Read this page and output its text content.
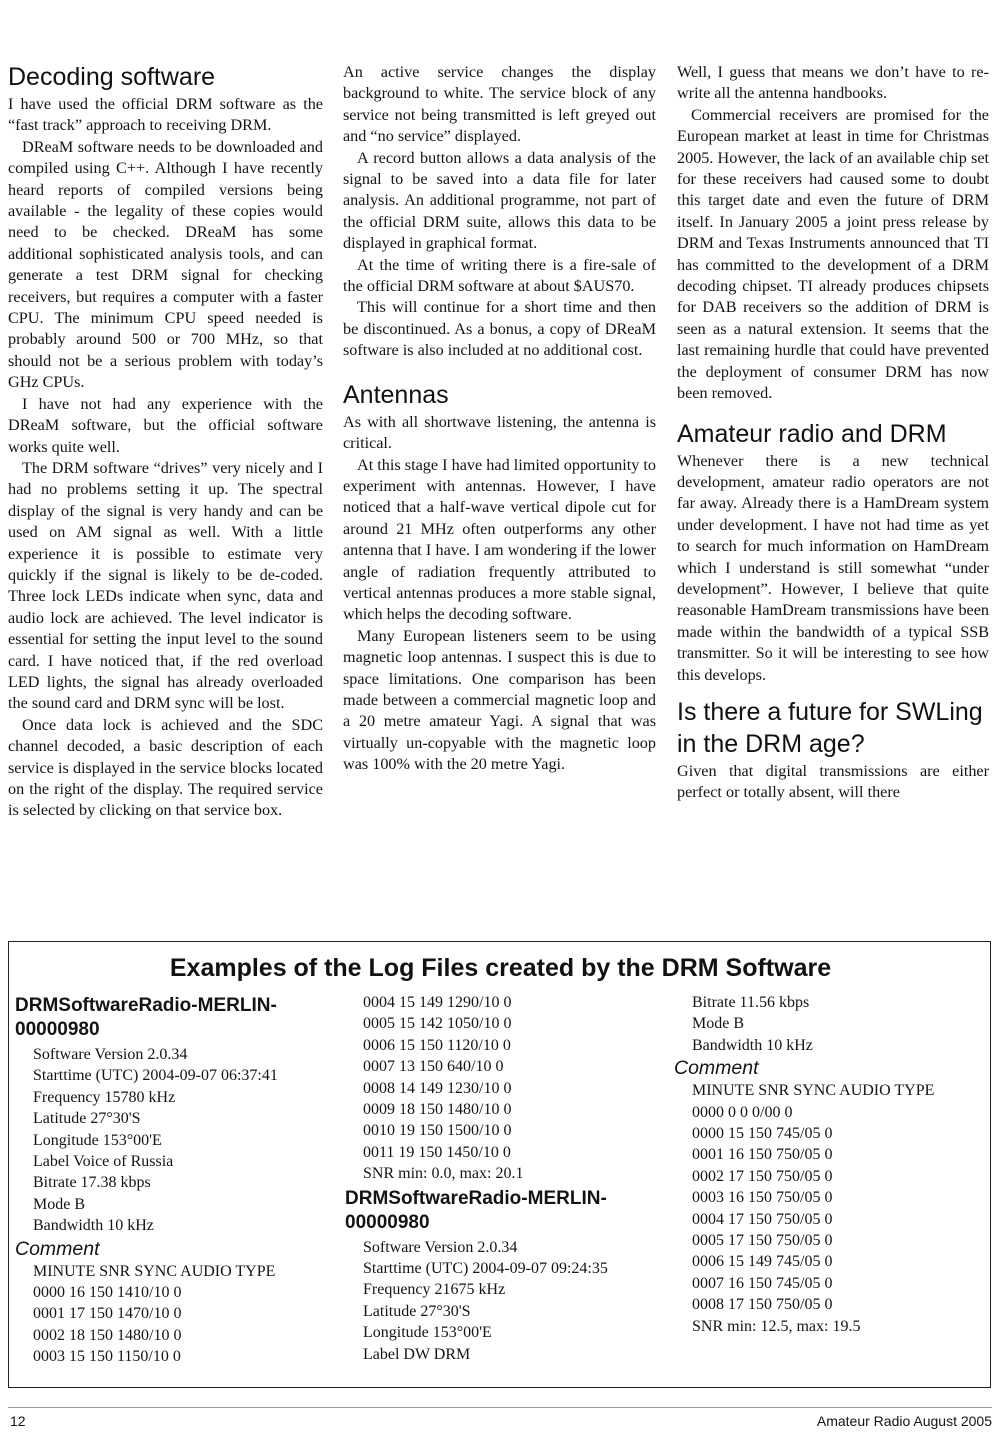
Decoding software

I have used the official DRM software as the “fast track” approach to receiving DRM.

DReaM software needs to be downloaded and compiled using C++. Although I have recently heard reports of compiled versions being available - the legality of these copies would need to be checked. DReaM has some additional sophisticated analysis tools, and can generate a test DRM signal for checking receivers, but requires a computer with a faster CPU. The minimum CPU speed needed is probably around 500 or 700 MHz, so that should not be a serious problem with today’s GHz CPUs.

I have not had any experience with the DReaM software, but the official software works quite well.

The DRM software “drives” very nicely and I had no problems setting it up. The spectral display of the signal is very handy and can be used on AM signal as well. With a little experience it is possible to estimate very quickly if the signal is likely to be de-coded. Three lock LEDs indicate when sync, data and audio lock are achieved. The level indicator is essential for setting the input level to the sound card. I have noticed that, if the red overload LED lights, the signal has already overloaded the sound card and DRM sync will be lost.

Once data lock is achieved and the SDC channel decoded, a basic description of each service is displayed in the service blocks located on the right of the display. The required service is selected by clicking on that service box.

An active service changes the display background to white. The service block of any service not being transmitted is left greyed out and “no service” displayed.

A record button allows a data analysis of the signal to be saved into a data file for later analysis. An additional programme, not part of the official DRM suite, allows this data to be displayed in graphical format.

At the time of writing there is a fire-sale of the official DRM software at about $AUS70.

This will continue for a short time and then be discontinued. As a bonus, a copy of DReaM software is also included at no additional cost.

Antennas

As with all shortwave listening, the antenna is critical.

At this stage I have had limited opportunity to experiment with antennas. However, I have noticed that a half-wave vertical dipole cut for around 21 MHz often outperforms any other antenna that I have. I am wondering if the lower angle of radiation frequently attributed to vertical antennas produces a more stable signal, which helps the decoding software.

Many European listeners seem to be using magnetic loop antennas. I suspect this is due to space limitations. One comparison has been made between a commercial magnetic loop and a 20 metre amateur Yagi. A signal that was virtually un-copyable with the magnetic loop was 100% with the 20 metre Yagi.

Well, I guess that means we don’t have to re-write all the antenna handbooks.

Commercial receivers are promised for the European market at least in time for Christmas 2005. However, the lack of an available chip set for these receivers had caused some to doubt this target date and even the future of DRM itself. In January 2005 a joint press release by DRM and Texas Instruments announced that TI has committed to the development of a DRM decoding chipset. TI already produces chipsets for DAB receivers so the addition of DRM is seen as a natural extension. It seems that the last remaining hurdle that could have prevented the deployment of consumer DRM has now been removed.

Amateur radio and DRM

Whenever there is a new technical development, amateur radio operators are not far away. Already there is a HamDream system under development. I have not had time as yet to search for much information on HamDream which I understand is still somewhat “under development”. However, I believe that quite reasonable HamDream transmissions have been made within the bandwidth of a typical SSB transmitter. So it will be interesting to see how this develops.

Is there a future for SWLing in the DRM age?

Given that digital transmissions are either perfect or totally absent, will there

Examples of the Log Files created by the DRM Software
DRMSoftwareRadio-MERLIN-00000980
Software Version 2.0.34
Starttime (UTC) 2004-09-07 06:37:41
Frequency 15780 kHz
Latitude 27°30'S
Longitude 153°00'E
Label Voice of Russia
Bitrate 17.38 kbps
Mode B
Bandwidth 10 kHz
Comment
MINUTE SNR SYNC AUDIO TYPE
0000 16 150 1410/10 0
0001 17 150 1470/10 0
0002 18 150 1480/10 0
0003 15 150 1150/10 0
0004 15 149 1290/10 0
0005 15 142 1050/10 0
0006 15 150 1120/10 0
0007 13 150 640/10 0
0008 14 149 1230/10 0
0009 18 150 1480/10 0
0010 19 150 1500/10 0
0011 19 150 1450/10 0
SNR min: 0.0, max: 20.1
DRMSoftwareRadio-MERLIN-00000980
Software Version 2.0.34
Starttime (UTC) 2004-09-07 09:24:35
Frequency 21675 kHz
Latitude 27°30'S
Longitude 153°00'E
Label DW DRM
Bitrate 11.56 kbps
Mode B
Bandwidth 10 kHz
Comment
MINUTE SNR SYNC AUDIO TYPE
0000 0 0 0/00 0
0000 15 150 745/05 0
0001 16 150 750/05 0
0002 17 150 750/05 0
0003 16 150 750/05 0
0004 17 150 750/05 0
0005 17 150 750/05 0
0006 15 149 745/05 0
0007 16 150 745/05 0
0008 17 150 750/05 0
SNR min: 12.5, max: 19.5
12	Amateur Radio August 2005
